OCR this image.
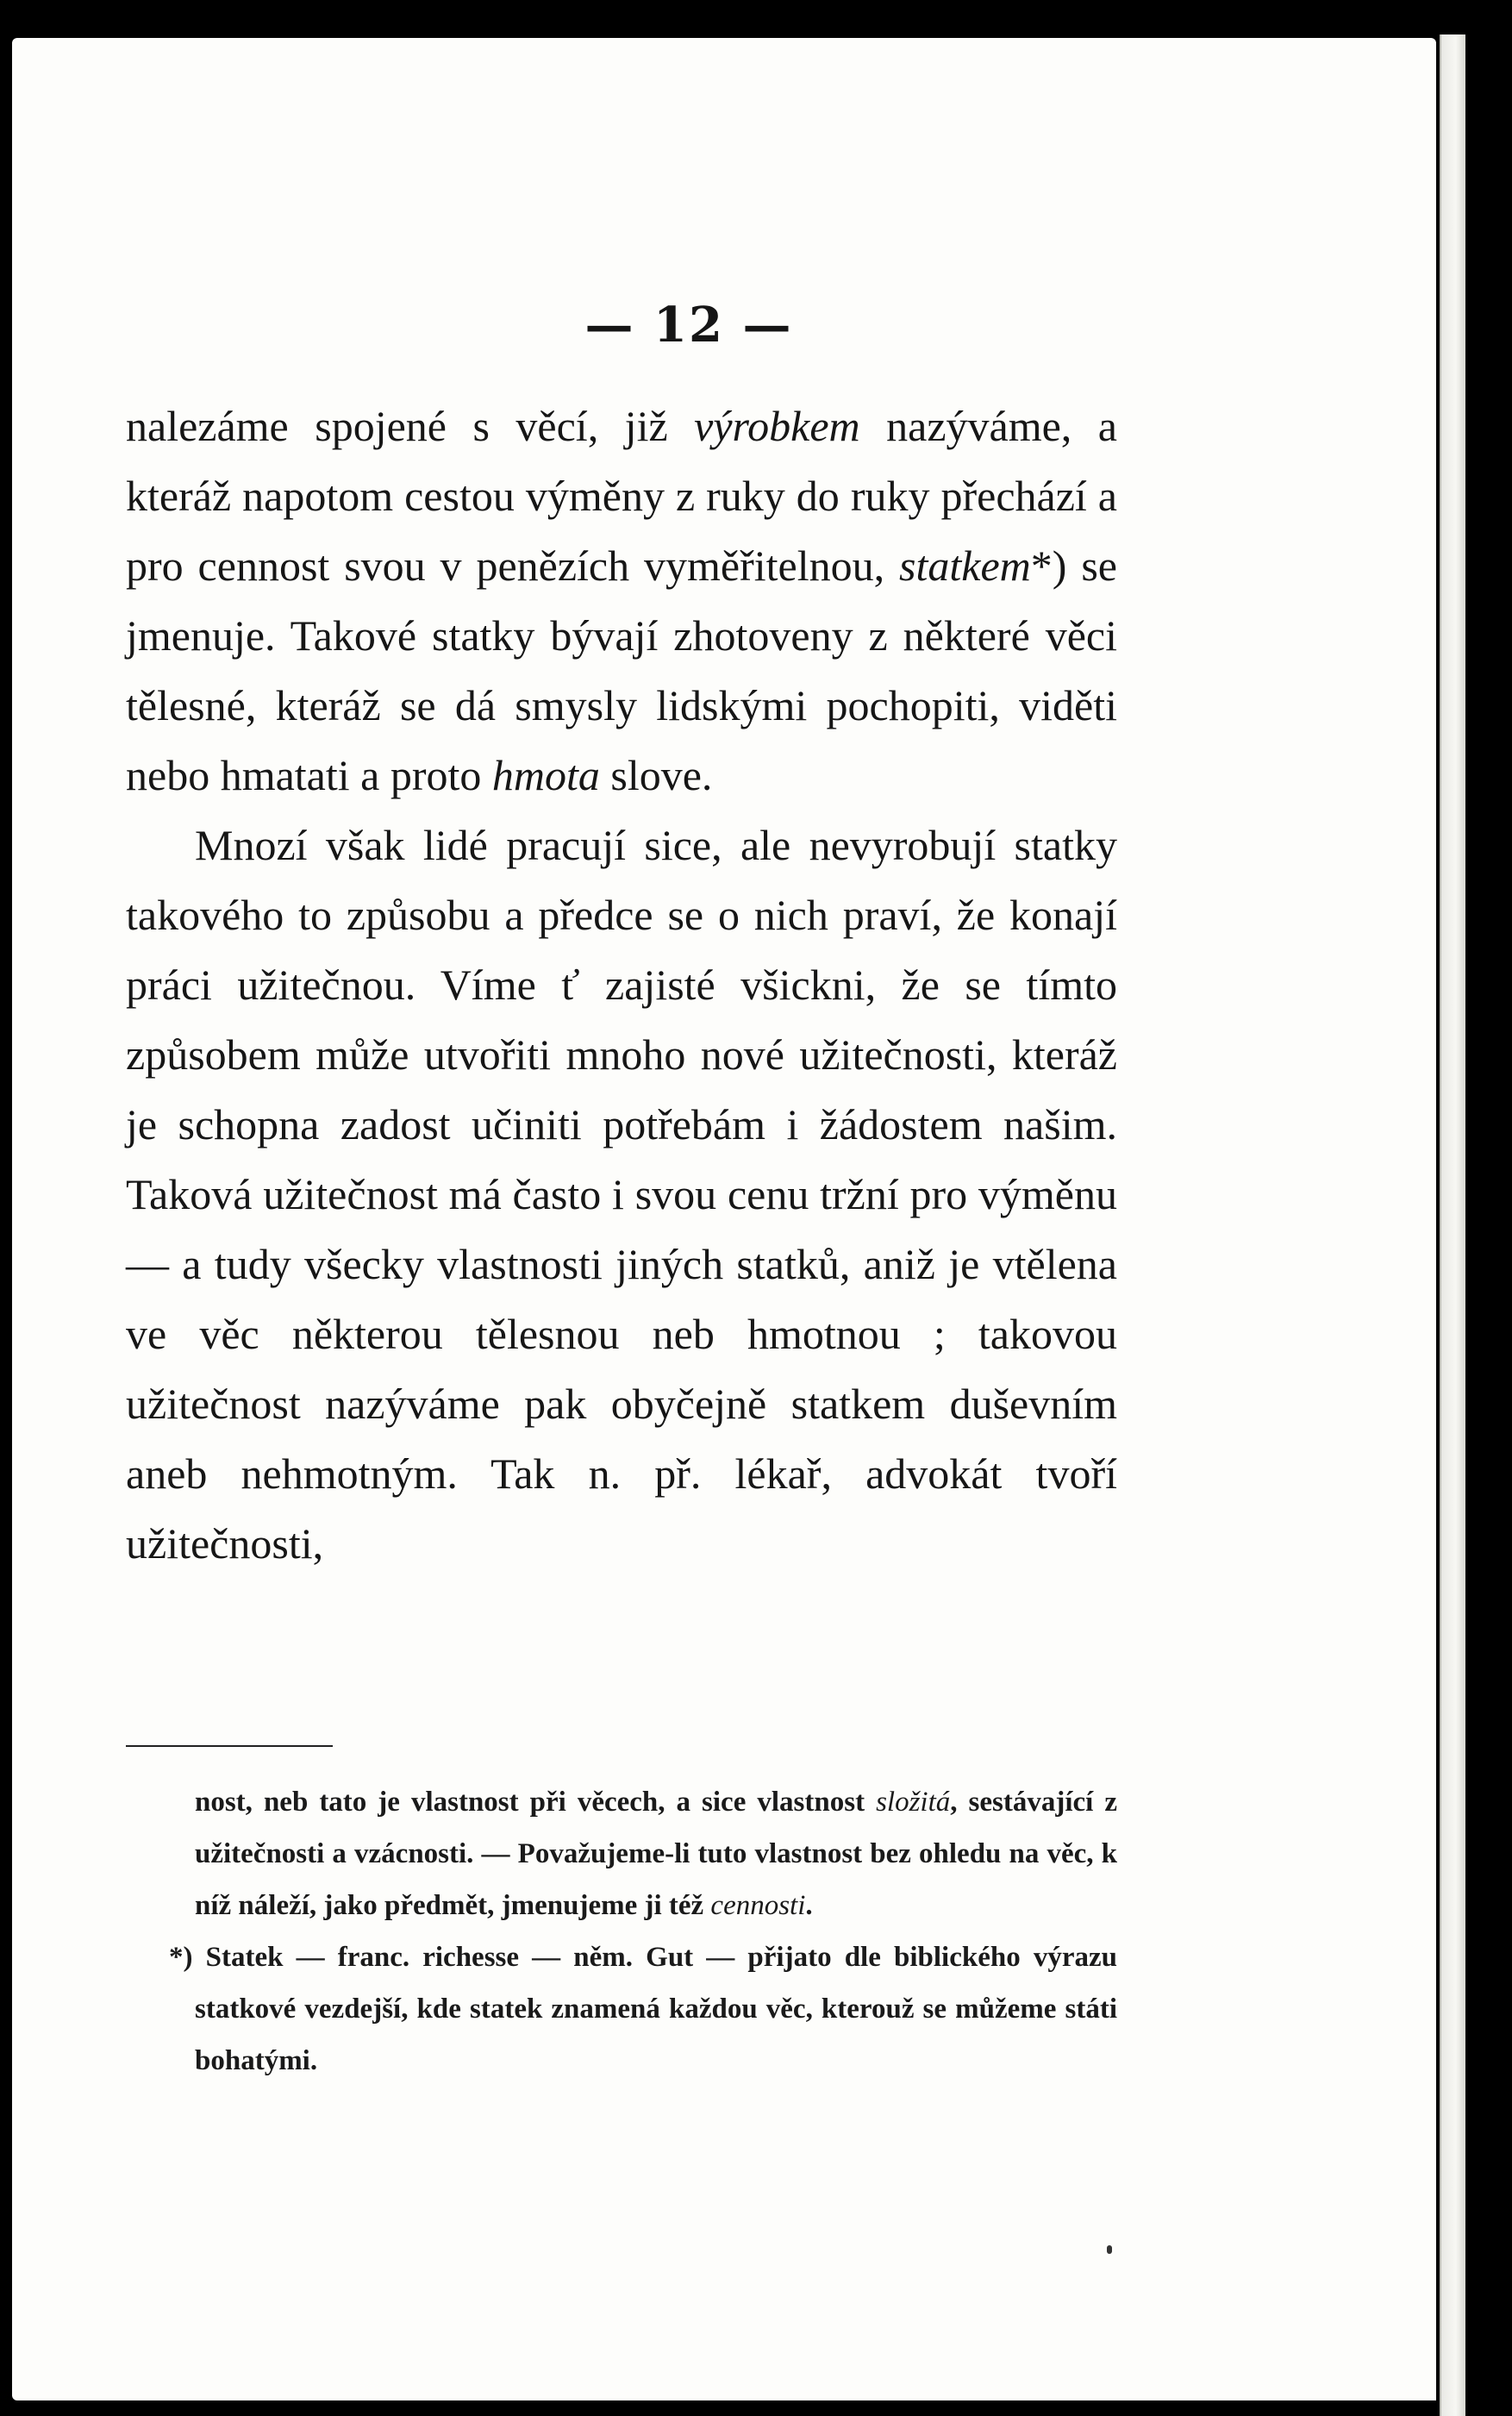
— 12 —

nalezáme spojené s věcí, již výrobkem nazýváme, a kteráž napotom cestou výměny z ruky do ruky přechází a pro cennost svou v penězích vyměřitelnou, statkem*) se jmenuje. Takové statky bývají zhotoveny z některé věci tělesné, kteráž se dá smysly lidskými pochopiti, viděti nebo hmatati a proto hmota slove.

Mnozí však lidé pracují sice, ale nevyrobují statky takového to způsobu a předce se o nich praví, že konají práci užitečnou. Víme ť zajisté všickni, že se tímto způsobem může utvořiti mnoho nové užitečnosti, kteráž je schopna zadost učiniti potřebám i žádostem našim. Taková užitečnost má často i svou cenu tržní pro výměnu — a tudy všecky vlastnosti jiných statků, aniž je vtělena ve věc některou tělesnou neb hmotnou ; takovou užitečnost nazýváme pak obyčejně statkem duševním aneb nehmotným. Tak n. př. lékař, advokát tvoří užitečnosti,

nost, neb tato je vlastnost při věcech, a sice vlastnost složitá, sestávající z užitečnosti a vzácnosti. — Považujeme-li tuto vlastnost bez ohledu na věc, k níž náleží, jako předmět, jmenujeme ji též cennosti.

*) Statek — franc. richesse — něm. Gut — přijato dle biblického výrazu statkové vezdejší, kde statek znamená každou věc, kterouž se můžeme státi bohatými.
